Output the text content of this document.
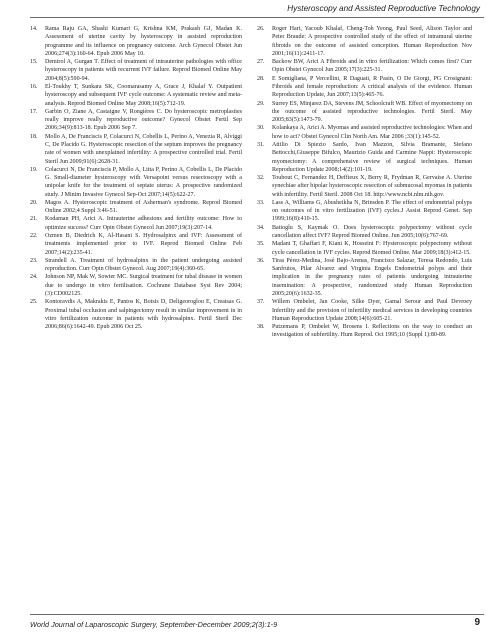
Hysteroscopy and Assisted Reproductive Technology

14. Rama Raju GA, Shashi Kumari G, Krishna KM, Prakash GJ, Madan K. Assessment of uterine cavity by hysteroscopy in assisted reproduction programme and its influence on pregnancy outcome. Arch Gynecol Obstet Jun 2006;274(3):160-64. Epub 2006 May 10.

15. Demirol A, Gurgan T. Effect of treatment of intrauterine pathologies with office hysteroscopy in patients with recurrent IVF failure. Reprod Biomed Online May 2004;8(5):590-94.

16. El-Toukhy T, Sunkara SK, Coomarasamy A, Grace J, Khalaf Y. Outpatient hysteroscopy and subsequent IVF cycle outcome: A systematic review and meta-analysis. Reprod Biomed Online May 2008;16(5):712-19.

17. Garbin O, Ziane A, Castaigne V, Rongières C. Do hysteroscopic metroplasties really improve really reproductive outcome? Gynecol Obstet Fertil Sep 2006;34(9):813-18. Epub 2006 Sep 7.

18. Mollo A, De Franciscis P, Colacurci N, Cobellis L, Perino A, Venezia R, Alviggi C, De Placido G. Hysteroscopic resection of the septum improves the pregnancy rate of women with unexplained infertility: A prospective controlled trial. Fertil Steril Jun 2009;91(6):2628-31.

19. Colacurci N, De Franciscis P, Mollo A, Litta P, Perino A, Cobellis L, De Placido G. Small-diameter hysteroscopy with Versapoint versus resectoscopy with a unipolar knife for the treatment of septate uterus: A prospective randomized study. J Minim Invasive Gynecol Sep-Oct 2007;14(5):622-27.

20. Magos A. Hysteroscopic treatment of Asherman's syndrome. Reprod Biomed Online 2002;4 Suppl 3:46-51.

21. Kodaman PH, Arici A. Intrauterine adhesions and fertility outcome: How to optimize success? Curr Opin Obstet Gynecol Jun 2007;19(3):207-14.

22. Ozmen B, Diedrich K, Al-Hasani S. Hydrosalpinx and IVF: Assessment of treatments implemented prior to IVF. Reprod Biomed Online Feb 2007;14(2):235-41.

23. Strandell A. Treatment of hydrosalpinx in the patient undergoing assisted reproduction. Curr Opin Obstet Gynecol. Aug 2007;19(4):360-65.

24. Johnson NP, Mak W, Sowter MC. Surgical treatment for tubal disease in women due to undergo in vitro fertilisation. Cochrane Database Syst Rev 2004;(3):CD002125.

25. Kontoravdis A, Makrakis E, Pantos K, Botsis D, Deligeoroglou E, Creatsas G. Proximal tubal occlusion and salpingectomy result in similar improvement in in vitro fertilization outcome in patients with hydrosalpinx. Fertil Steril Dec 2006;86(6):1642-49. Epub 2006 Oct 25.

26. Roger Hart, Yacoub Khalaf, Cheng-Toh Yeong, Paul Seed, Alison Taylor and Peter Braude: A prospective controlled study of the effect of intramural uterine fibroids on the outcome of assisted conception. Human Reproduction Nov 2001;16(11):2411-17.

27. Backow BW, Arici A Fibroids and in vitro fertilization: Which comes first? Curr Opin Obstet Gynecol Jun 2005;17(3):225-31.

28. E Somigliana, P Vercellini, R Daguati, R Pasin, O De Giorgi, PG Crosignani: Fibroids and female reproduction: A critical analysis of the evidence. Human Reproduction Update, Jun 2007;13(5):465-76.

29. Surrey ES, Minjarez DA, Stevens JM, Schoolcraft WB. Effect of myomectomy on the outcome of assisted reproductive technologies. Fertil Steril. May 2005;83(5):1473-79.

30. Kolankaya A, Arici A. Myomas and assisted reproductive technologies: When and how to act? Obstet Gynecol Clin North Am. Mar 2006 ;33(1):145-52.

31. Attilio Di Spiezio Sardo, Ivan Mazzon, Silvia Bramante, Stefano Bettocchi,Giuseppe Bifulco, Maurizio Guida and Carmine Nappi: Hysteroscopic myomectomy: A comprehensive review of surgical techniques. Human Reproduction Update 2008;14(2):101-19.

32. Toubout C, Fernandez H, Deffieux X, Berry R, Frydman R, Gervaise A. Uterine synechiae after bipolar hysteroscopic resection of submucosal myomas in patients with infertility. Fertil Steril. 2008 Oct 18. http://www.ncbi.nlm.nih.gov.

33. Lass A, Williams G, Abusheikha N, Brinsden P. The effect of endometrial polyps on outcomes of in vitro fertilization (IVF) cycles.J Assist Reprod Genet. Sep 1999;16(8):410-15.

34. Batioglu S, Kaymak O. Does hysteroscopic polypectomy without cycle cancellation affect IVF? Reprod Biomed Online. Jun 2005;10(6):767-69.

35. Madani T, Ghaffari F, Kiani K, Hosseini F: Hysteroscopic polypectomy without cycle cancellation in IVF cycles. Reprod Biomed Online. Mar 2009;18(3):412-15.

36. Tiras Pérez-Medina, José Bajo-Arenas, Francisco Salazar, Teresa Redondo, Luis Sanfrutos, Pilar Alvarez and Virginia Engels Endometrial polyps and their implication in the pregnancy rates of patients undergoing intrauterine insemination: A prospective, randomized study Human Reproduction 2005;20(6):1632-35.

37. Willem Ombelet, Jan Cooke, Silke Dyer, Gamal Serour and Paul Devroey Infertility and the provision of infertility medical services in developing countries Human Reproduction Update 2008;14(6):605-21.

38. Putzemans P, Ombelet W, Brosens I. Reflections on the way to conduct an investigation of subfertility. Hum Reprod. Oct 1995;10 (Suppl 1):80-89.

World Journal of Laparoscopic Surgery, September-December 2009;2(3):1-9	9
